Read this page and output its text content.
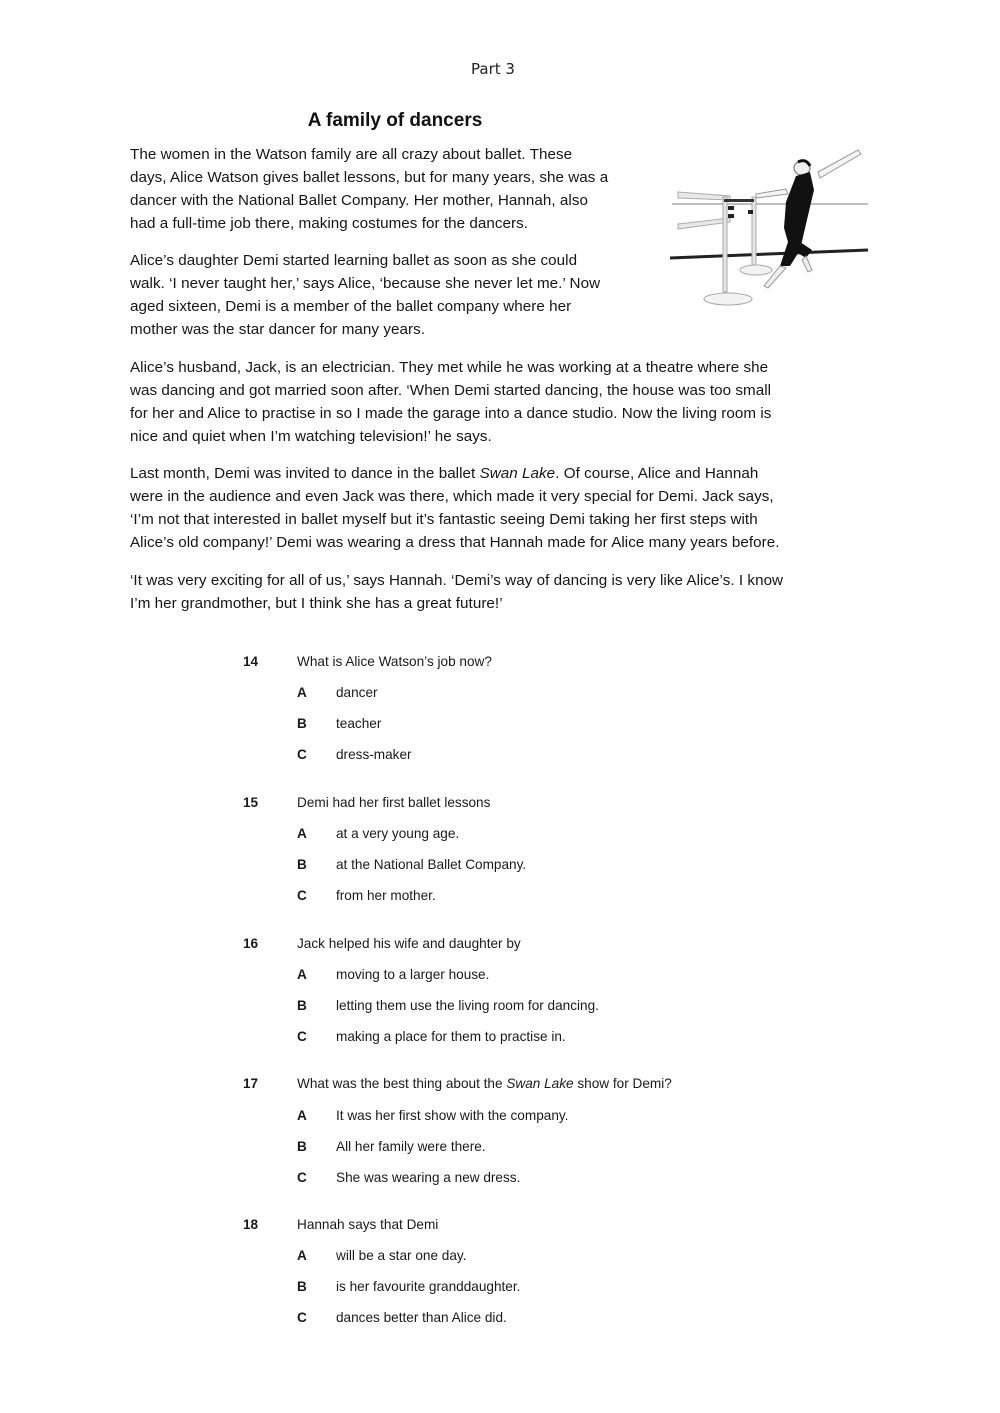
Part 3
A family of dancers
The women in the Watson family are all crazy about ballet. These
days, Alice Watson gives ballet lessons, but for many years, she was a
dancer with the National Ballet Company. Her mother, Hannah, also
had a full-time job there, making costumes for the dancers.
Alice’s daughter Demi started learning ballet as soon as she could
walk. ‘I never taught her,’ says Alice, ‘because she never let me.’ Now
aged sixteen, Demi is a member of the ballet company where her
mother was the star dancer for many years.
Alice’s husband, Jack, is an electrician. They met while he was working at a theatre where she
was dancing and got married soon after. ‘When Demi started dancing, the house was too small
for her and Alice to practise in so I made the garage into a dance studio. Now the living room is
nice and quiet when I’m watching television!’ he says.
Last month, Demi was invited to dance in the ballet Swan Lake. Of course, Alice and Hannah
were in the audience and even Jack was there, which made it very special for Demi. Jack says,
‘I’m not that interested in ballet myself but it’s fantastic seeing Demi taking her first steps with
Alice’s old company!’ Demi was wearing a dress that Hannah made for Alice many years before.
‘It was very exciting for all of us,’ says Hannah. ‘Demi’s way of dancing is very like Alice’s. I know
I’m her grandmother, but I think she has a great future!’
14	What is Alice Watson’s job now?
A dancer
B teacher
C dress-maker
15	Demi had her first ballet lessons
A at a very young age.
B at the National Ballet Company.
C from her mother.
16	Jack helped his wife and daughter by
A moving to a larger house.
B letting them use the living room for dancing.
C making a place for them to practise in.
17	What was the best thing about the Swan Lake show for Demi?
A It was her first show with the company.
B All her family were there.
C She was wearing a new dress.
18	Hannah says that Demi
A will be a star one day.
B is her favourite granddaughter.
C dances better than Alice did.
